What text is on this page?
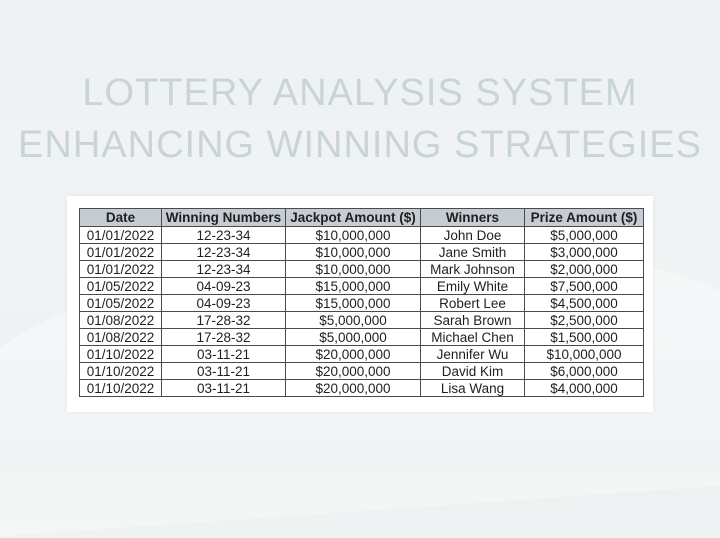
LOTTERY ANALYSIS SYSTEM
ENHANCING WINNING STRATEGIES
Date	Winning Numbers	Jackpot Amount ($)	Winners	Prize Amount ($)
01/01/2022	12-23-34	$10,000,000	John Doe	$5,000,000
01/01/2022	12-23-34	$10,000,000	Jane Smith	$3,000,000
01/01/2022	12-23-34	$10,000,000	Mark Johnson	$2,000,000
01/05/2022	04-09-23	$15,000,000	Emily White	$7,500,000
01/05/2022	04-09-23	$15,000,000	Robert Lee	$4,500,000
01/08/2022	17-28-32	$5,000,000	Sarah Brown	$2,500,000
01/08/2022	17-28-32	$5,000,000	Michael Chen	$1,500,000
01/10/2022	03-11-21	$20,000,000	Jennifer Wu	$10,000,000
01/10/2022	03-11-21	$20,000,000	David Kim	$6,000,000
01/10/2022	03-11-21	$20,000,000	Lisa Wang	$4,000,000
